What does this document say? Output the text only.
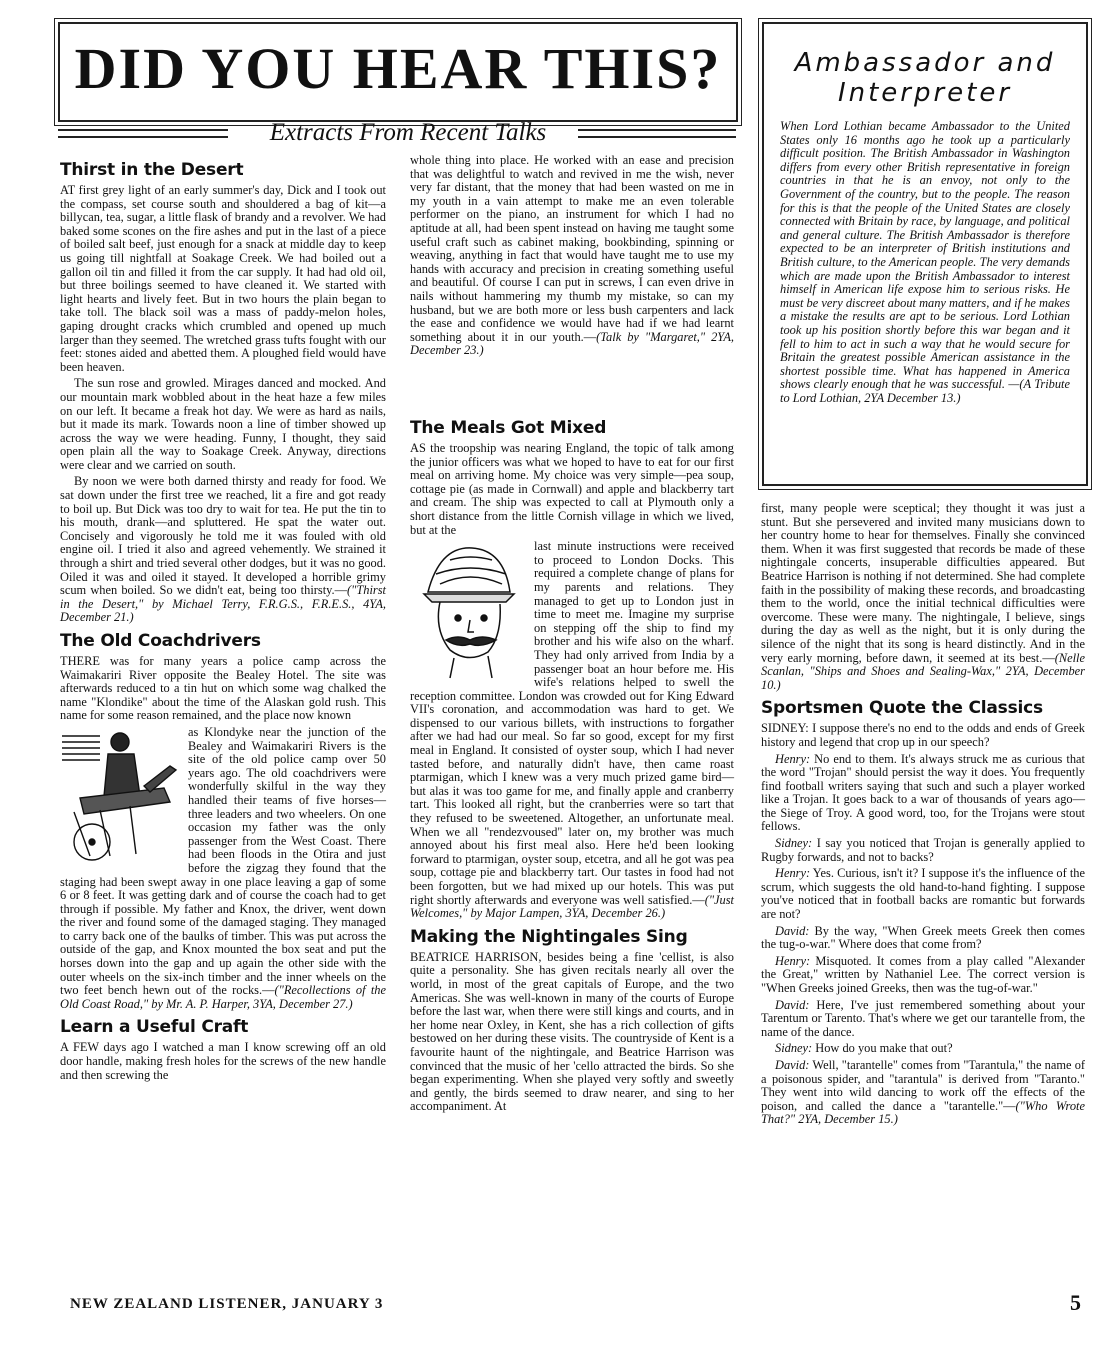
DID YOU HEAR THIS?
Extracts From Recent Talks
Ambassador and
Interpreter
When Lord Lothian became Ambassador to the United States only 16 months ago he took up a particularly difficult position. The British Ambassador in Washington differs from every other British representative in foreign countries in that he is an envoy, not only to the Government of the country, but to the people. The reason for this is that the people of the United States are closely connected with Britain by race, by language, and political and general culture. The British Ambassador is therefore expected to be an interpreter of British institutions and British culture, to the American people. The very demands which are made upon the British Ambassador to interest himself in American life expose him to serious risks. He must be very discreet about many matters, and if he makes a mistake the results are apt to be serious. Lord Lothian took up his position shortly before this war began and it fell to him to act in such a way that he would secure for Britain the greatest possible American assistance in the shortest possible time. What has happened in America shows clearly enough that he was successful. —(A Tribute to Lord Lothian, 2YA December 13.)
Thirst in the Desert

AT first grey light of an early summer's day, Dick and I took out the compass, set course south and shouldered a bag of kit—a billycan, tea, sugar, a little flask of brandy and a revolver. We had baked some scones on the fire ashes and put in the last of a piece of boiled salt beef, just enough for a snack at middle day to keep us going till nightfall at Soakage Creek. We had boiled out a gallon oil tin and filled it from the car supply. It had had old oil, but three boilings seemed to have cleaned it. We started with light hearts and lively feet. But in two hours the plain began to take toll. The black soil was a mass of paddy-melon holes, gaping drought cracks which crumbled and opened up much larger than they seemed. The wretched grass tufts fought with our feet: stones aided and abetted them. A ploughed field would have been heaven.

The sun rose and growled. Mirages danced and mocked. And our mountain mark wobbled about in the heat haze a few miles on our left. It became a freak hot day. We were as hard as nails, but it made its mark. Towards noon a line of timber showed up across the way we were heading. Funny, I thought, they said open plain all the way to Soakage Creek. Anyway, directions were clear and we carried on south.

By noon we were both darned thirsty and ready for food. We sat down under the first tree we reached, lit a fire and got ready to boil up. But Dick was too dry to wait for tea. He put the tin to his mouth, drank—and spluttered. He spat the water out. Concisely and vigorously he told me it was fouled with old engine oil. I tried it also and agreed vehemently. We strained it through a shirt and tried several other dodges, but it was no good. Oiled it was and oiled it stayed. It developed a horrible grimy scum when boiled. So we didn't eat, being too thirsty.—("Thirst in the Desert," by Michael Terry, F.R.G.S., F.R.E.S., 4YA, December 21.)

The Old Coachdrivers

THERE was for many years a police camp across the Waimakariri River opposite the Bealey Hotel. The site was afterwards reduced to a tin hut on which some wag chalked the name "Klondike" about the time of the Alaskan gold rush. This name for some reason remained, and the place now known

as Klondyke near the junction of the Bealey and Waimakariri Rivers is the site of the old police camp over 50 years ago. The old coachdrivers were wonderfully skilful in the way they handled their teams of five horses—three leaders and two wheelers. On one occasion my father was the only passenger from the West Coast. There had been floods in the Otira and just before the zigzag they found that the staging had been swept away in one place leaving a gap of some 6 or 8 feet. It was getting dark and of course the coach had to get through if possible. My father and Knox, the driver, went down the river and found some of the damaged staging. They managed to carry back one of the baulks of timber. This was put across the outside of the gap, and Knox mounted the box seat and put the horses down into the gap and up again the other side with the outer wheels on the six-inch timber and the inner wheels on the two feet bench hewn out of the rocks.—("Recollections of the Old Coast Road," by Mr. A. P. Harper, 3YA, December 27.)

Learn a Useful Craft

A FEW days ago I watched a man I know screwing off an old door handle, making fresh holes for the screws of the new handle and then screwing the

whole thing into place. He worked with an ease and precision that was delightful to watch and revived in me the wish, never very far distant, that the money that had been wasted on me in my youth in a vain attempt to make me an even tolerable performer on the piano, an instrument for which I had no aptitude at all, had been spent instead on having me taught some useful craft such as cabinet making, bookbinding, spinning or weaving, anything in fact that would have taught me to use my hands with accuracy and precision in creating something useful and beautiful. Of course I can put in screws, I can even drive in nails without hammering my thumb my mistake, so can my husband, but we are both more or less bush carpenters and lack the ease and confidence we would have had if we had learnt something about it in our youth.—(Talk by "Margaret," 2YA, December 23.)

The Meals Got Mixed

AS the troopship was nearing England, the topic of talk among the junior officers was what we hoped to have to eat for our first meal on arriving home. My choice was very simple—pea soup, cottage pie (as made in Cornwall) and apple and blackberry tart and cream. The ship was expected to call at Plymouth only a short distance from the little Cornish village in which we lived, but at the

last minute instructions were received to proceed to London Docks. This required a complete change of plans for my parents and relations. They managed to get up to London just in time to meet me. Imagine my surprise on stepping off the ship to find my brother and his wife also on the wharf. They had only arrived from India by a passenger boat an hour before me. His wife's relations helped to swell the reception committee. London was crowded out for King Edward VII's coronation, and accommodation was hard to get. We dispensed to our various billets, with instructions to forgather after we had had our meal. So far so good, except for my first meal in England. It consisted of oyster soup, which I had never tasted before, and naturally didn't have, then came roast ptarmigan, which I knew was a very much prized game bird—but alas it was too game for me, and finally apple and cranberry tart. This looked all right, but the cranberries were so tart that they refused to be sweetened. Altogether, an unfortunate meal. When we all "rendezvoused" later on, my brother was much annoyed about his first meal also. Here he'd been looking forward to ptarmigan, oyster soup, etcetra, and all he got was pea soup, cottage pie and blackberry tart. Our tastes in food had not been forgotten, but we had mixed up our hotels. This was put right shortly afterwards and everyone was well satisfied.—("Just Welcomes," by Major Lampen, 3YA, December 26.)

Making the Nightingales Sing

BEATRICE HARRISON, besides being a fine 'cellist, is also quite a personality. She has given recitals nearly all over the world, in most of the great capitals of Europe, and the two Americas. She was well-known in many of the courts of Europe before the last war, when there were still kings and courts, and in her home near Oxley, in Kent, she has a rich collection of gifts bestowed on her during these visits. The countryside of Kent is a favourite haunt of the nightingale, and Beatrice Harrison was convinced that the music of her 'cello attracted the birds. So she began experimenting. When she played very softly and sweetly and gently, the birds seemed to draw nearer, and sing to her accompaniment. At

first, many people were sceptical; they thought it was just a stunt. But she persevered and invited many musicians down to her country home to hear for themselves. Finally she convinced them. When it was first suggested that records be made of these nightingale concerts, insuperable difficulties appeared. But Beatrice Harrison is nothing if not determined. She had complete faith in the possibility of making these records, and broadcasting them to the world, once the initial technical difficulties were overcome. These were many. The nightingale, I believe, sings during the day as well as the night, but it is only during the silence of the night that its song is heard distinctly. And in the very early morning, before dawn, it seemed at its best.—(Nelle Scanlan, "Ships and Shoes and Sealing-Wax," 2YA, December 10.)

Sportsmen Quote the Classics

SIDNEY: I suppose there's no end to the odds and ends of Greek history and legend that crop up in our speech?

Henry: No end to them. It's always struck me as curious that the word "Trojan" should persist the way it does. You frequently find football writers saying that such and such a player worked like a Trojan. It goes back to a war of thousands of years ago—the Siege of Troy. A good word, too, for the Trojans were stout fellows.

Sidney: I say you noticed that Trojan is generally applied to Rugby forwards, and not to backs?

Henry: Yes. Curious, isn't it? I suppose it's the influence of the scrum, which suggests the old hand-to-hand fighting. I suppose you've noticed that in football backs are romantic but forwards are not?

David: By the way, "When Greek meets Greek then comes the tug-o-war." Where does that come from?

Henry: Misquoted. It comes from a play called "Alexander the Great," written by Nathaniel Lee. The correct version is "When Greeks joined Greeks, then was the tug-of-war."

David: Here, I've just remembered something about your Tarentum or Tarento. That's where we get our tarantelle from, the name of the dance.

Sidney: How do you make that out?

David: Well, "tarantelle" comes from "Tarantula," the name of a poisonous spider, and "tarantula" is derived from "Taranto." They went into wild dancing to work off the effects of the poison, and called the dance a "tarantelle."—("Who Wrote That?" 2YA, December 15.)

NEW ZEALAND LISTENER, JANUARY 3	5
